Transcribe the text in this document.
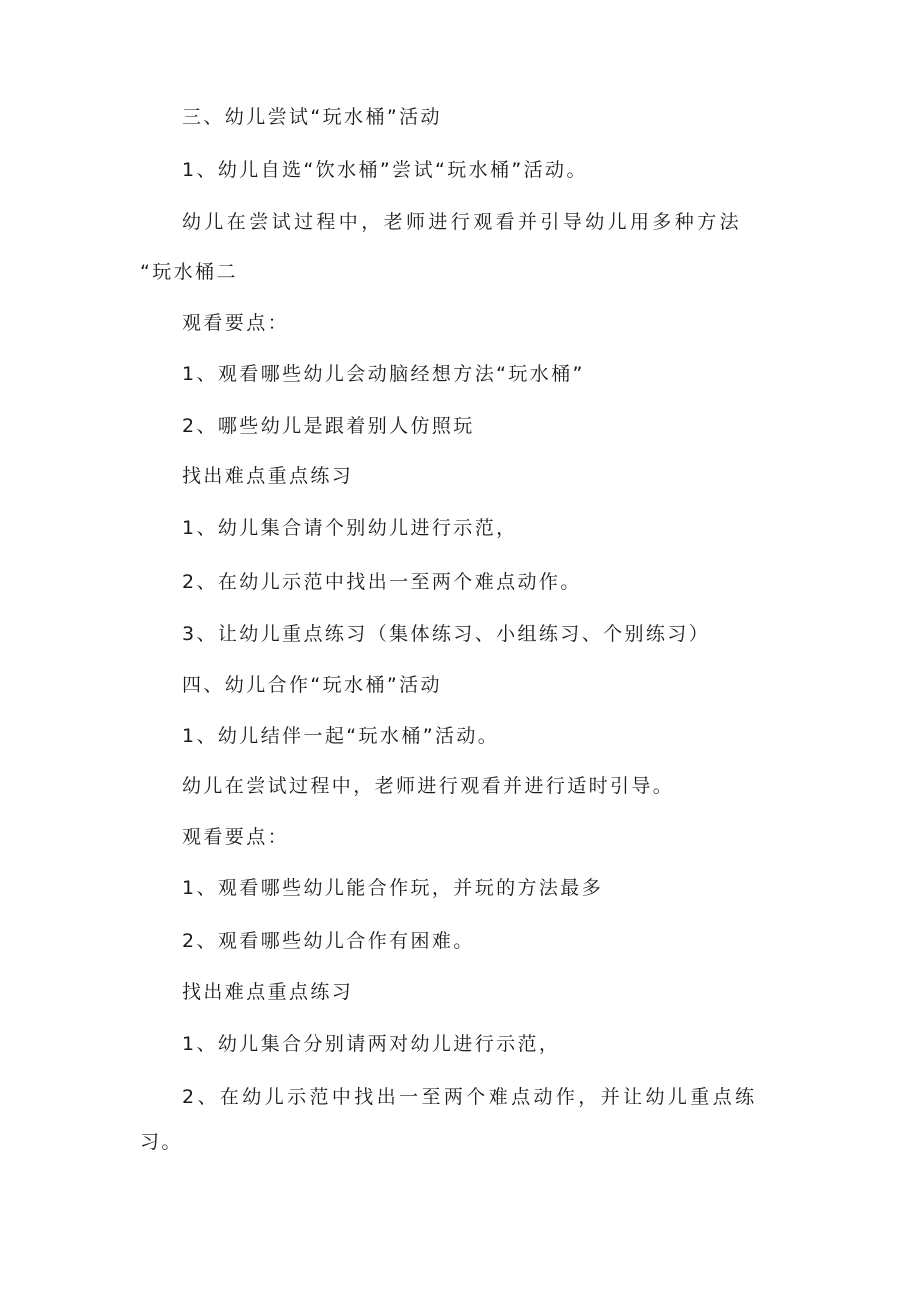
三、幼儿尝试“玩水桶”活动

1、幼儿自选“饮水桶”尝试“玩水桶”活动。

幼儿在尝试过程中，老师进行观看并引导幼儿用多种方法

“玩水桶二

观看要点：

1、观看哪些幼儿会动脑经想方法“玩水桶”

2、哪些幼儿是跟着别人仿照玩

找出难点重点练习

1、幼儿集合请个别幼儿进行示范，

2、在幼儿示范中找出一至两个难点动作。

3、让幼儿重点练习（集体练习、小组练习、个别练习）

四、幼儿合作“玩水桶”活动

1、幼儿结伴一起“玩水桶”活动。

幼儿在尝试过程中，老师进行观看并进行适时引导。

观看要点：

1、观看哪些幼儿能合作玩，并玩的方法最多

2、观看哪些幼儿合作有困难。

找出难点重点练习

1、幼儿集合分别请两对幼儿进行示范，

2、在幼儿示范中找出一至两个难点动作，并让幼儿重点练

习。
